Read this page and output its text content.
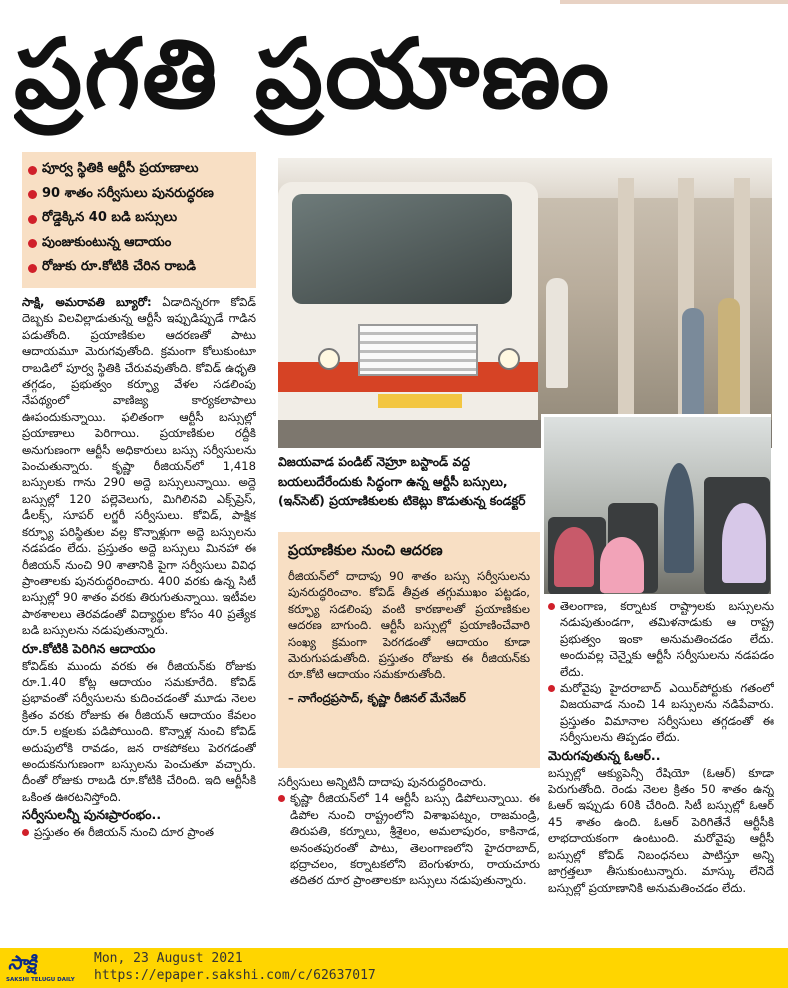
ప్రగతి ప్రయాణం
పూర్వ స్థితికి ఆర్టీసీ ప్రయాణాలు
90 శాతం సర్వీసులు పునరుద్ధరణ
రోడ్డెక్కిన 40 బడి బస్సులు
పుంజుకుంటున్న ఆదాయం
రోజుకు రూ.కోటికి చేరిన రాబడి

సాక్షి, అమరావతి బ్యూరో: ఏడాదిన్నరగా కోవిడ్ దెబ్బకు విలవిల్లాడుతున్న ఆర్టీసీ ఇప్పుడిప్పుడే గాడిన పడుతోంది. ప్రయాణికుల ఆదరణతో పాటు ఆదాయమూ మెరుగవుతోంది. క్రమంగా కోలుకుంటూ రాబడిలో పూర్వ స్థితికి చేరువవుతోంది. కోవిడ్ ఉధృతి తగ్గడం, ప్రభుత్వం కర్ఫ్యూ వేళల సడలింపు నేపథ్యంలో వాణిజ్య కార్యకలాపాలు ఊపందుకున్నాయి. ఫలితంగా ఆర్టీసీ బస్సుల్లో ప్రయాణాలు పెరిగాయి. ప్రయాణికుల రద్దీకి అనుగుణంగా ఆర్టీసీ అధికారులు బస్సు సర్వీసులను పెంచుతున్నారు. కృష్ణా రీజియన్‌లో 1,418 బస్సులకు గాను 290 అద్దె బస్సులున్నాయి. అద్దె బస్సుల్లో 120 పల్లెవెలుగు, మిగిలినవి ఎక్స్‌ప్రెస్, డీలక్స్, సూపర్ లగ్జరీ సర్వీసులు. కోవిడ్, పాక్షిక కర్ఫ్యూ పరిస్థితుల వల్ల కొన్నాళ్లుగా అద్దె బస్సులను నడపడం లేదు. ప్రస్తుతం అద్దె బస్సులు మినహా ఈ రీజియన్ నుంచి 90 శాతానికి పైగా సర్వీసులు వివిధ ప్రాంతాలకు పునరుద్ధరించారు. 400 వరకు ఉన్న సిటీ బస్సుల్లో 90 శాతం వరకు తిరుగుతున్నాయి. ఇటీవల పాఠశాలలు తెరవడంతో విద్యార్థుల కోసం 40 ప్రత్యేక బడి బస్సులను నడుపుతున్నారు.

రూ.కోటికి పెరిగిన ఆదాయం

కోవిడ్‌కు ముందు వరకు ఈ రీజియన్‌కు రోజుకు రూ.1.40 కోట్ల ఆదాయం సమకూరేది. కోవిడ్ ప్రభావంతో సర్వీసులను కుదించడంతో మూడు నెలల క్రితం వరకు రోజుకు ఈ రీజియన్ ఆదాయం కేవలం రూ.5 లక్షలకు పడిపోయింది. కొన్నాళ్ల నుంచి కోవిడ్ అదుపులోకి రావడం, జన రాకపోకలు పెరగడంతో అందుకనుగుణంగా బస్సులను పెంచుతూ వచ్చారు. దీంతో రోజుకు రాబడి రూ.కోటికి చేరింది. ఇది ఆర్టీసీకి ఒకింత ఊరటనిస్తోంది.

సర్వీసులన్నీ పునఃప్రారంభం..

ప్రస్తుతం ఈ రీజియన్ నుంచి దూర ప్రాంత

విజయవాడ పండిట్ నెహ్రూ బస్టాండ్ వద్ద బయలుదేరేందుకు సిద్ధంగా ఉన్న ఆర్టీసీ బస్సులు, (ఇన్‌సెట్) ప్రయాణికులకు టికెట్లు కొడుతున్న కండక్టర్

ప్రయాణికుల నుంచి ఆదరణ

రీజియన్‌లో దాదాపు 90 శాతం బస్సు సర్వీసులను పునరుద్ధరించాం. కోవిడ్ తీవ్రత తగ్గుముఖం పట్టడం, కర్ఫ్యూ సడలింపు వంటి కారణాలతో ప్రయాణికుల ఆదరణ బాగుంది. ఆర్టీసీ బస్సుల్లో ప్రయాణించేవారి సంఖ్య క్రమంగా పెరగడంతో ఆదాయం కూడా మెరుగుపడుతోంది. ప్రస్తుతం రోజుకు ఈ రీజియన్‌కు రూ.కోటి ఆదాయం సమకూరుతోంది.

– నాగేంద్రప్రసాద్, కృష్ణా రీజినల్ మేనేజర్

సర్వీసులు అన్నిటినీ దాదాపు పునరుద్ధరించారు.

కృష్ణా రీజియన్‌లో 14 ఆర్టీసీ బస్సు డిపోలున్నాయి. ఈ డిపోల నుంచి రాష్ట్రంలోని విశాఖపట్నం, రాజమండ్రి, తిరుపతి, కర్నూలు, శ్రీశైలం, అమలాపురం, కాకినాడ, అనంతపురంతో పాటు, తెలంగాణలోని హైదరాబాద్, భద్రాచలం, కర్నాటకలోని బెంగుళూరు, రాయచూరు తదితర దూర ప్రాంతాలకూ బస్సులు నడుపుతున్నారు.

తెలంగాణ, కర్నాటక రాష్ట్రాలకు బస్సులను నడుపుతుండగా, తమిళనాడుకు ఆ రాష్ట్ర ప్రభుత్వం ఇంకా అనుమతించడం లేదు. అందువల్ల చెన్నైకు ఆర్టీసీ సర్వీసులను నడపడం లేదు.

మరోవైపు హైదరాబాద్ ఎయిర్‌పోర్టుకు గతంలో విజయవాడ నుంచి 14 బస్సులను నడిపేవారు. ప్రస్తుతం విమానాల సర్వీసులు తగ్గడంతో ఈ సర్వీసులను తిప్పడం లేదు.

మెరుగవుతున్న ఓఆర్..

బస్సుల్లో ఆక్యుపెన్సీ రేషియో (ఓఆర్) కూడా పెరుగుతోంది. రెండు నెలల క్రితం 50 శాతం ఉన్న ఓఆర్ ఇప్పుడు 60కి చేరింది. సిటీ బస్సుల్లో ఓఆర్ 45 శాతం ఉంది. ఓఆర్ పెరిగితేనే ఆర్టీసీకి లాభదాయకంగా ఉంటుంది. మరోవైపు ఆర్టీసీ బస్సుల్లో కోవిడ్ నిబంధనలు పాటిస్తూ అన్ని జాగ్రత్తలూ తీసుకుంటున్నారు. మాస్కు లేనిదే బస్సుల్లో ప్రయాణానికి అనుమతించడం లేదు.

సాక్షి
SAKSHI TELUGU DAILY
Mon, 23 August 2021
https://epaper.sakshi.com/c/62637017
